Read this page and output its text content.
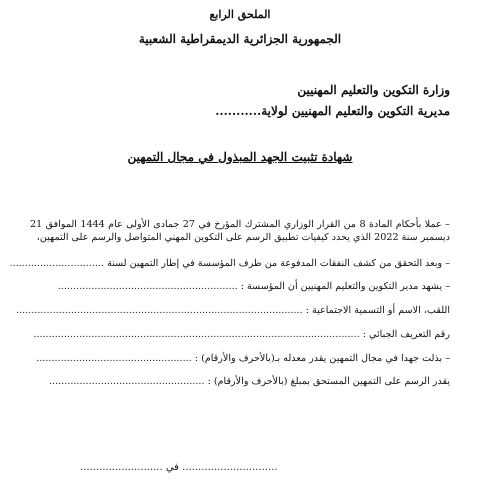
الملحق الرابع
الجمهورية الجزائرية الديمقراطية الشعبية
وزارة التكوين والتعليم المهنيين
مديرية التكوين والتعليم المهنيين لولاية...........
شهادة تثبيت الجهد المبذول في مجال التمهين
– عملا بأحكام المادة 8 من القرار الوزاري المشترك المؤرخ في 27 جمادى الأولى عام 1444 الموافق 21 ديسمبر سنة 2022 الذي يحدد كيفيات تطبيق الرسم على التكوين المهني المتواصل والرسم على التمهين،
– وبعد التحقق من كشف النفقات المدفوعة من طرف المؤسسة في إطار التمهين لسنة ...............................
– يشهد مدير التكوين والتعليم المهنيين أن المؤسسة : ...........................................................
اللقب، الاسم أو التسمية الاجتماعية : ..............................................................................................
رقم التعريف الجبائي : ...........................................................................................................
– بذلت جهدا في مجال التمهين يقدر معدله بـ(بالأحرف والأرقام) : ...................................................
يقدر الرسم على التمهين المستحق بمبلغ (بالأحرف والأرقام) : ...................................................
.............................. في ..........................
